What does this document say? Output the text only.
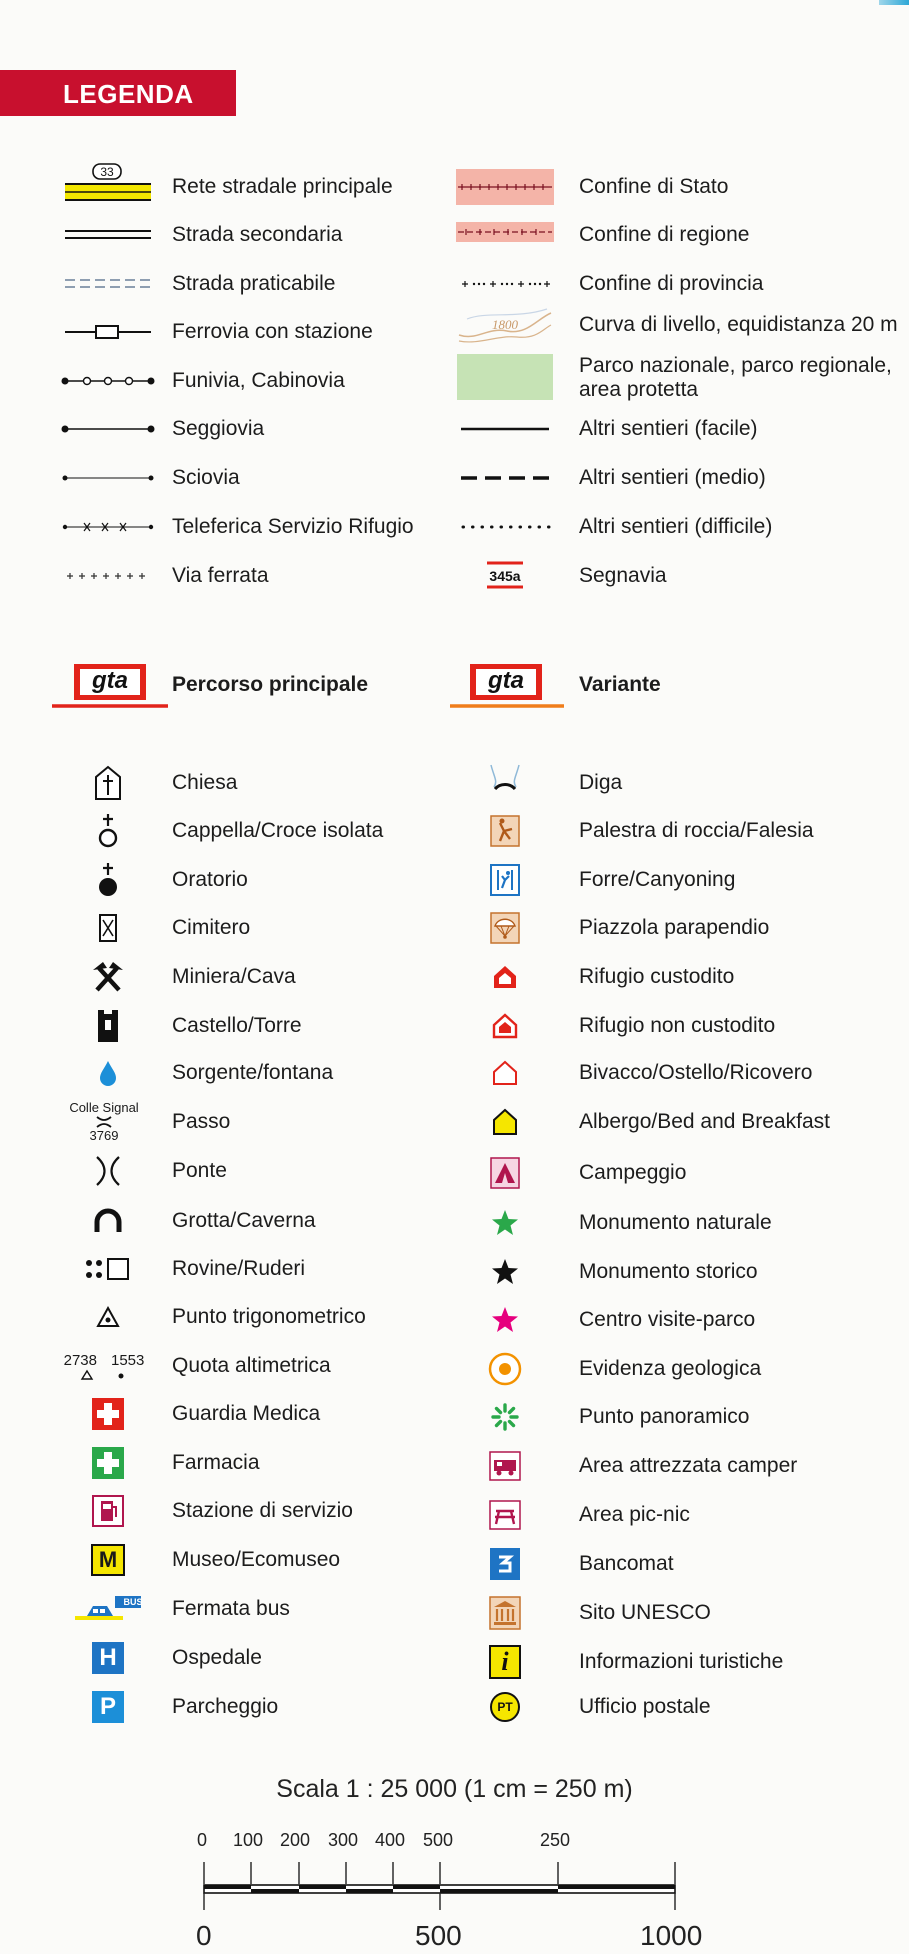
LEGENDA
33
Rete stradale principale
Strada secondaria
Strada praticabile
Ferrovia con stazione
Funivia, Cabinovia
Seggiovia
Sciovia
Teleferica Servizio Rifugio
Via ferrata
Confine di Stato
Confine di regione
Confine di provincia
1800	Curva di livello, equidistanza 20 m
Parco nazionale, parco regionale,
area protetta
Altri sentieri (facile)
Altri sentieri (medio)
Altri sentieri (difficile)
345a	Segnavia
gta	Percorso principale	gta	Variante
Chiesa
Cappella/Croce isolata
Oratorio
Cimitero
Miniera/Cava
Castello/Torre
Sorgente/fontana
Colle Signal
3769
Passo
Ponte
Grotta/Caverna
Rovine/Ruderi
Punto trigonometrico
2738 1553 Quota altimetrica
Guardia Medica
Farmacia
Stazione di servizio
M	Museo/Ecomuseo
BUS Fermata bus
H	Ospedale
P	Parcheggio
Diga
Palestra di roccia/Falesia
Forre/Canyoning
Piazzola parapendio
Rifugio custodito
Rifugio non custodito
Bivacco/Ostello/Ricovero
Albergo/Bed and Breakfast
Campeggio
Monumento naturale
Monumento storico
Centro visite-parco
Evidenza geologica
Punto panoramico
Area attrezzata camper
Area pic-nic
Bancomat
Sito UNESCO
i	Informazioni turistiche
PT	Ufficio postale
Scala 1 : 25 000 (1 cm = 250 m)
0 100 200 300 400 500	250
0	500	1000
